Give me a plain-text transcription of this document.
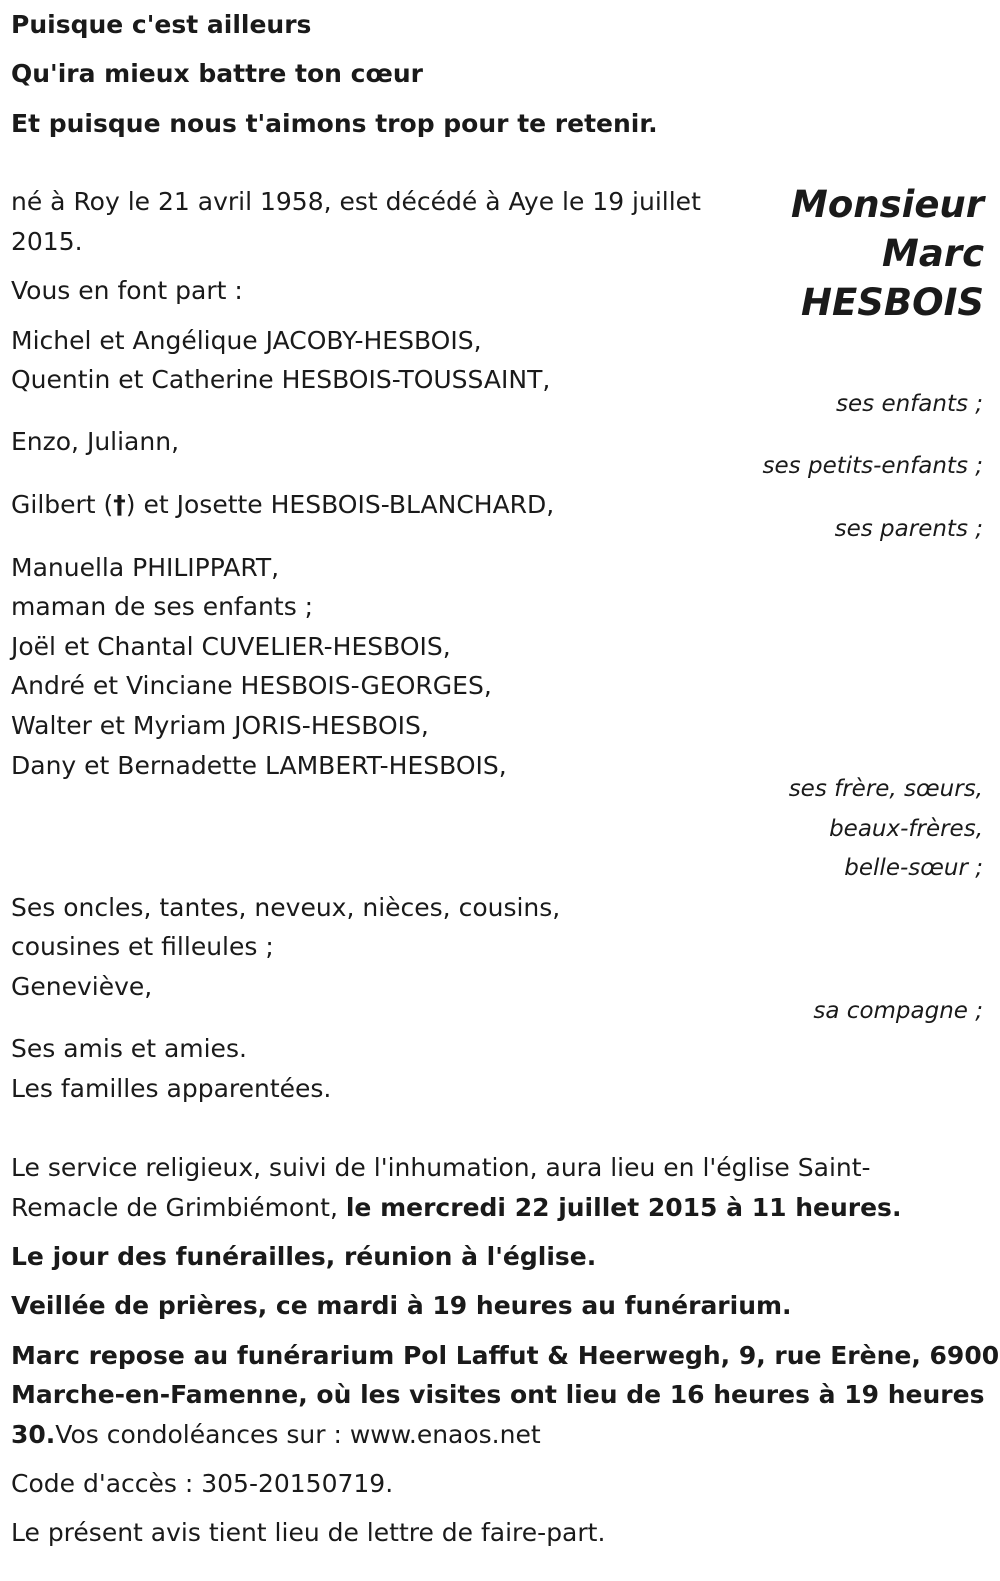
Puisque c'est ailleurs

Qu'ira mieux battre ton cœur

Et puisque nous t'aimons trop pour te retenir.

Monsieur
Marc
HESBOIS

né à Roy le 21 avril 1958, est décédé à Aye le 19 juillet

2015.

Vous en font part :

Michel et Angélique JACOBY-HESBOIS,

Quentin et Catherine HESBOIS-TOUSSAINT,

ses enfants ;

Enzo, Juliann,

ses petits-enfants ;

Gilbert (†) et Josette HESBOIS-BLANCHARD,

ses parents ;

Manuella PHILIPPART,

maman de ses enfants ;

Joël et Chantal CUVELIER-HESBOIS,

André et Vinciane HESBOIS-GEORGES,

Walter et Myriam JORIS-HESBOIS,

Dany et Bernadette LAMBERT-HESBOIS,

ses frère, sœurs,

beaux-frères,

belle-sœur ;

Ses oncles, tantes, neveux, nièces, cousins,

cousines et filleules ;

Geneviève,

sa compagne ;

Ses amis et amies.

Les familles apparentées.

Le service religieux, suivi de l'inhumation, aura lieu en l'église Saint-

Remacle de Grimbiémont, le mercredi 22 juillet 2015 à 11 heures.

Le jour des funérailles, réunion à l'église.

Veillée de prières, ce mardi à 19 heures au funérarium.

Marc repose au funérarium Pol Laffut & Heerwegh, 9, rue Erène, 6900

Marche-en-Famenne, où les visites ont lieu de 16 heures à 19 heures

30.Vos condoléances sur : www.enaos.net

Code d'accès : 305-20150719.

Le présent avis tient lieu de lettre de faire-part.
